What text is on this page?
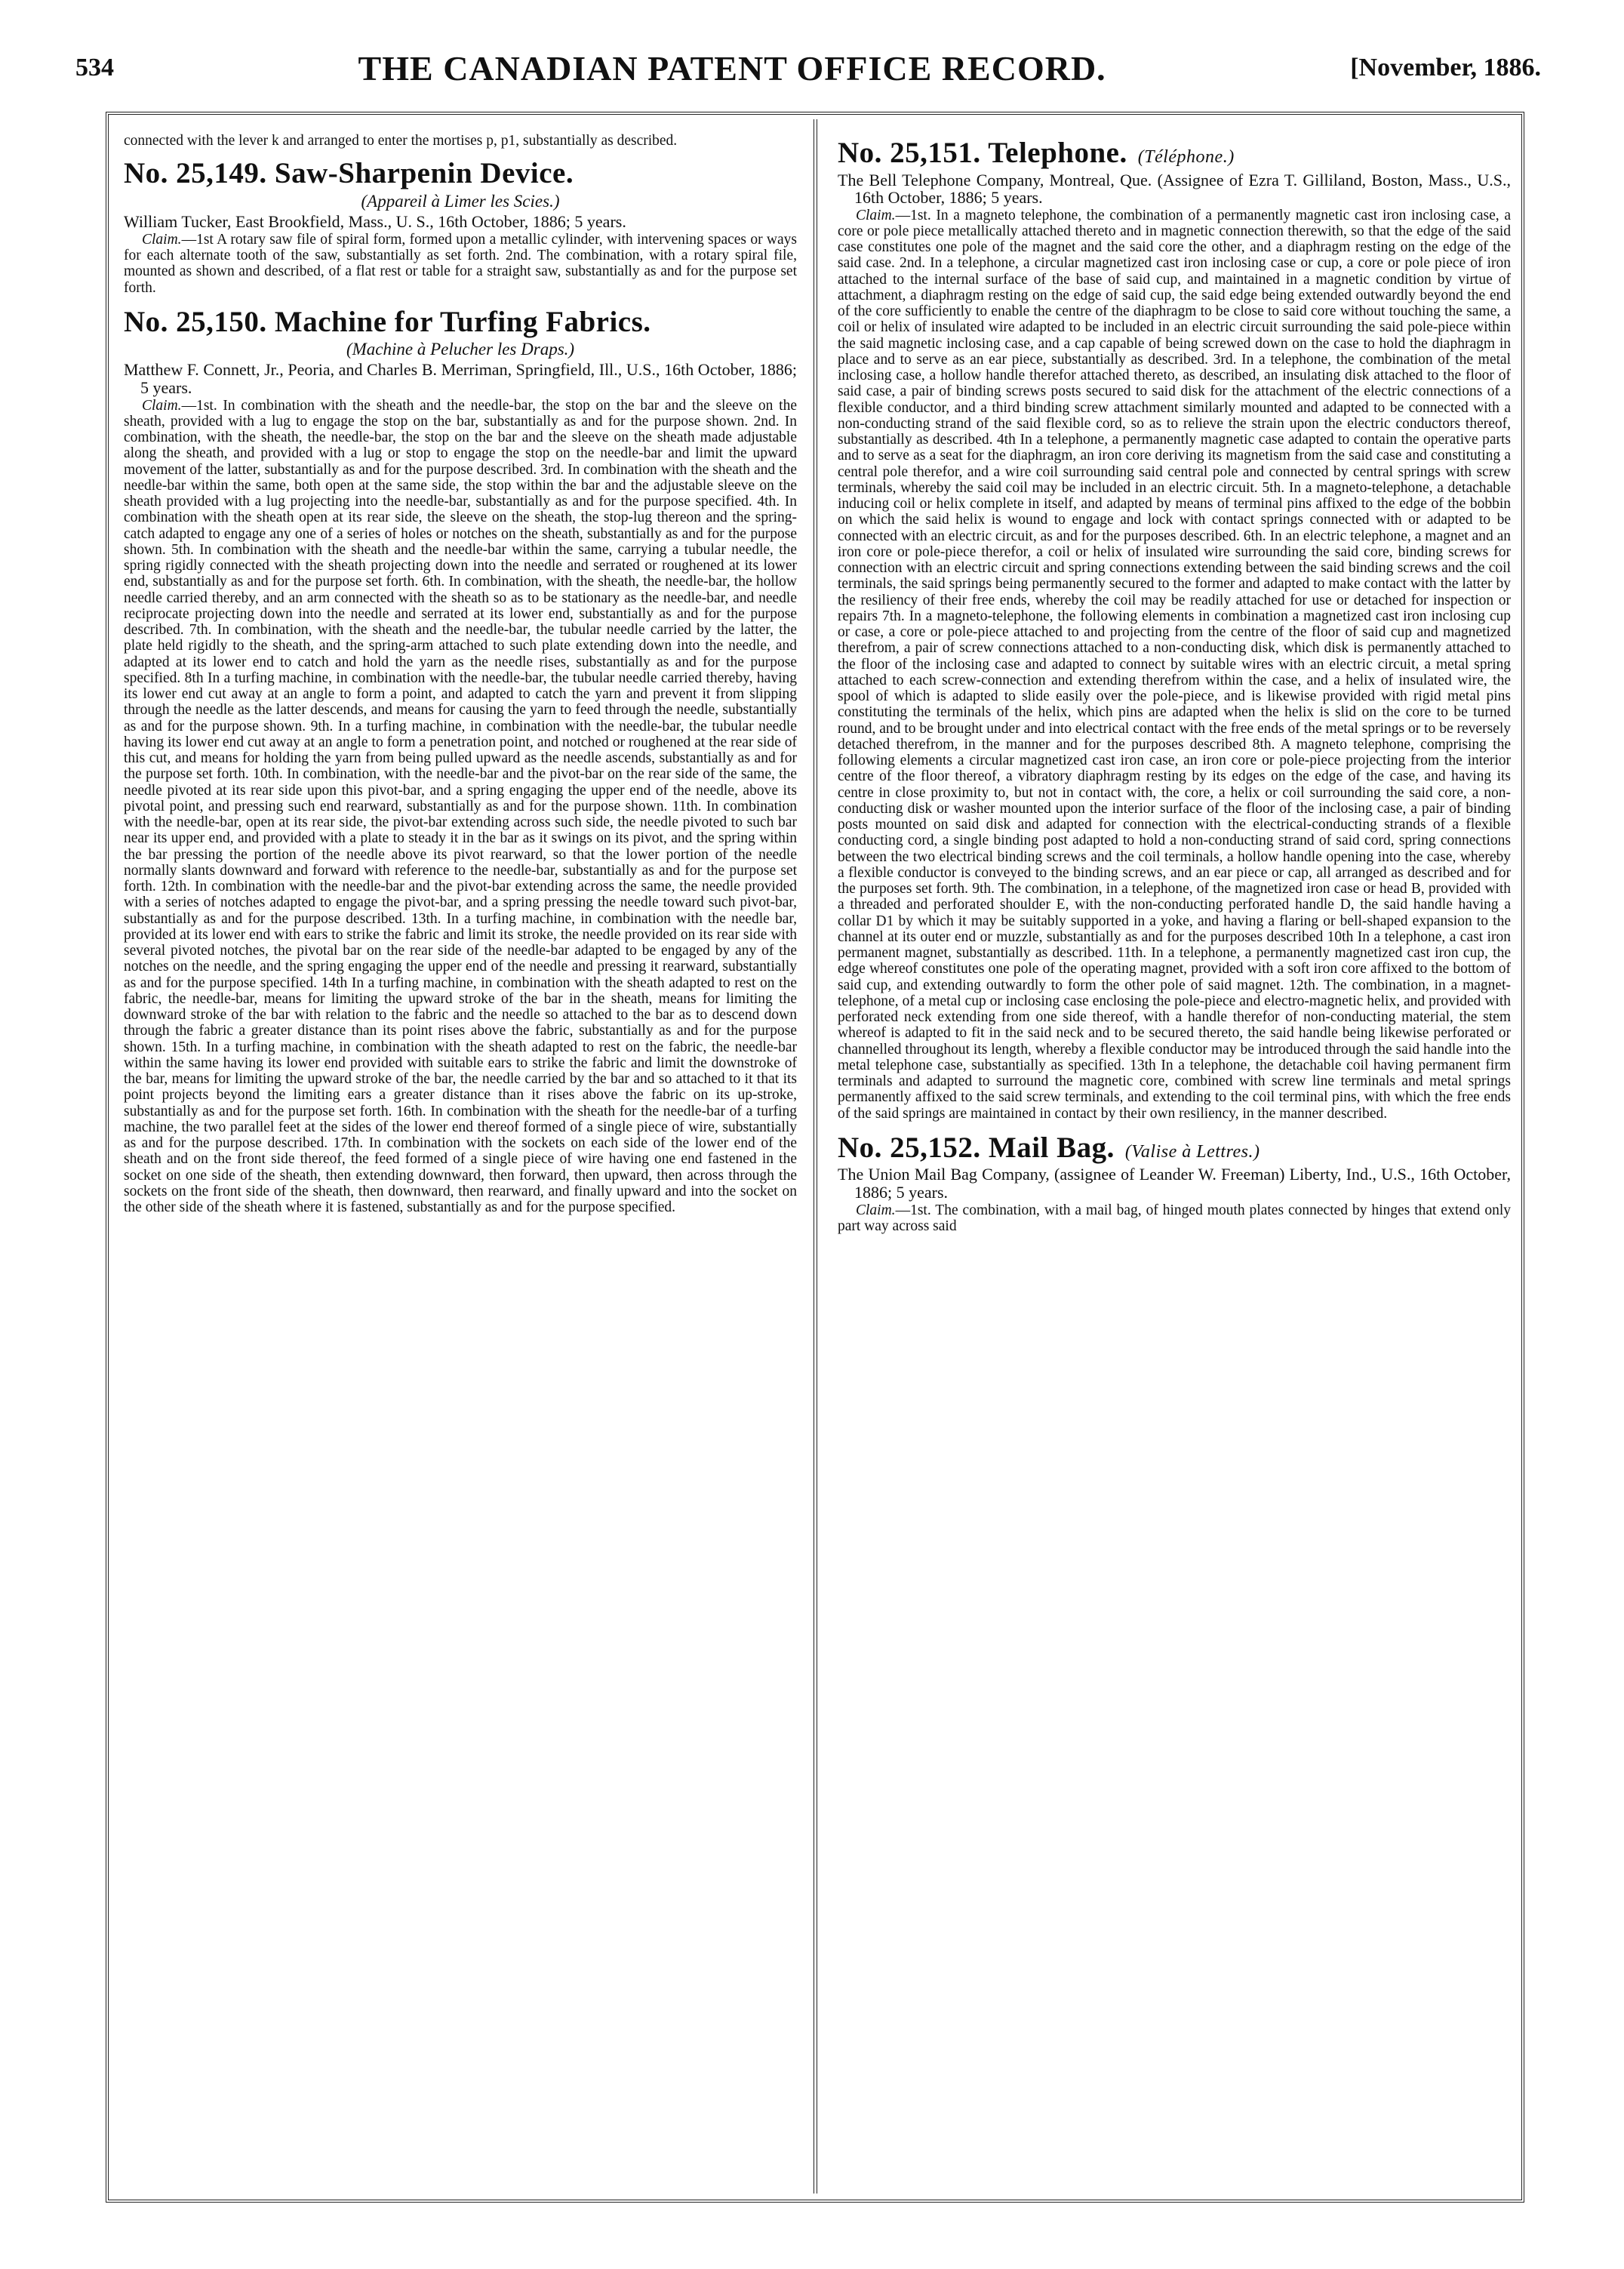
534	THE CANADIAN PATENT OFFICE RECORD.	[November, 1886.

connected with the lever k and arranged to enter the mortises p, p1, substantially as described.

No. 25,149. Saw-Sharpenin Device.
(Appareil à Limer les Scies.)

William Tucker, East Brookfield, Mass., U. S., 16th October, 1886; 5 years.

Claim.—1st A rotary saw file of spiral form, formed upon a metallic cylinder, with intervening spaces or ways for each alternate tooth of the saw, substantially as set forth. 2nd. The combination, with a rotary spiral file, mounted as shown and described, of a flat rest or table for a straight saw, substantially as and for the purpose set forth.

No. 25,150. Machine for Turfing Fabrics.
(Machine à Pelucher les Draps.)

Matthew F. Connett, Jr., Peoria, and Charles B. Merriman, Springfield, Ill., U.S., 16th October, 1886; 5 years.

Claim.—1st. In combination with the sheath and the needle-bar, the stop on the bar and the sleeve on the sheath, provided with a lug to engage the stop on the bar, substantially as and for the purpose shown. 2nd. In combination, with the sheath, the needle-bar, the stop on the bar and the sleeve on the sheath made adjustable along the sheath, and provided with a lug or stop to engage the stop on the needle-bar and limit the upward movement of the latter, substantially as and for the purpose described. 3rd. In combination with the sheath and the needle-bar within the same, both open at the same side, the stop within the bar and the adjustable sleeve on the sheath provided with a lug projecting into the needle-bar, substantially as and for the purpose specified. 4th. In combination with the sheath open at its rear side, the sleeve on the sheath, the stop-lug thereon and the spring-catch adapted to engage any one of a series of holes or notches on the sheath, substantially as and for the purpose shown. 5th. In combination with the sheath and the needle-bar within the same, carrying a tubular needle, the spring rigidly connected with the sheath projecting down into the needle and serrated or roughened at its lower end, substantially as and for the purpose set forth. 6th. In combination, with the sheath, the needle-bar, the hollow needle carried thereby, and an arm connected with the sheath so as to be stationary as the needle-bar, and needle reciprocate projecting down into the needle and serrated at its lower end, substantially as and for the purpose described. 7th. In combination, with the sheath and the needle-bar, the tubular needle carried by the latter, the plate held rigidly to the sheath, and the spring-arm attached to such plate extending down into the needle, and adapted at its lower end to catch and hold the yarn as the needle rises, substantially as and for the purpose specified. 8th In a turfing machine, in combination with the needle-bar, the tubular needle carried thereby, having its lower end cut away at an angle to form a point, and adapted to catch the yarn and prevent it from slipping through the needle as the latter descends, and means for causing the yarn to feed through the needle, substantially as and for the purpose shown. 9th. In a turfing machine, in combination with the needle-bar, the tubular needle having its lower end cut away at an angle to form a penetration point, and notched or roughened at the rear side of this cut, and means for holding the yarn from being pulled upward as the needle ascends, substantially as and for the purpose set forth. 10th. In combination, with the needle-bar and the pivot-bar on the rear side of the same, the needle pivoted at its rear side upon this pivot-bar, and a spring engaging the upper end of the needle, above its pivotal point, and pressing such end rearward, substantially as and for the purpose shown. 11th. In combination with the needle-bar, open at its rear side, the pivot-bar extending across such side, the needle pivoted to such bar near its upper end, and provided with a plate to steady it in the bar as it swings on its pivot, and the spring within the bar pressing the portion of the needle above its pivot rearward, so that the lower portion of the needle normally slants downward and forward with reference to the needle-bar, substantially as and for the purpose set forth. 12th. In combination with the needle-bar and the pivot-bar extending across the same, the needle provided with a series of notches adapted to engage the pivot-bar, and a spring pressing the needle toward such pivot-bar, substantially as and for the purpose described. 13th. In a turfing machine, in combination with the needle bar, provided at its lower end with ears to strike the fabric and limit its stroke, the needle provided on its rear side with several pivoted notches, the pivotal bar on the rear side of the needle-bar adapted to be engaged by any of the notches on the needle, and the spring engaging the upper end of the needle and pressing it rearward, substantially as and for the purpose specified. 14th In a turfing machine, in combination with the sheath adapted to rest on the fabric, the needle-bar, means for limiting the upward stroke of the bar in the sheath, means for limiting the downward stroke of the bar with relation to the fabric and the needle so attached to the bar as to descend down through the fabric a greater distance than its point rises above the fabric, substantially as and for the purpose shown. 15th. In a turfing machine, in combination with the sheath adapted to rest on the fabric, the needle-bar within the same having its lower end provided with suitable ears to strike the fabric and limit the downstroke of the bar, means for limiting the upward stroke of the bar, the needle carried by the bar and so attached to it that its point projects beyond the limiting ears a greater distance than it rises above the fabric on its up-stroke, substantially as and for the purpose set forth. 16th. In combination with the sheath for the needle-bar of a turfing machine, the two parallel feet at the sides of the lower end thereof formed of a single piece of wire, substantially as and for the purpose described. 17th. In combination with the sockets on each side of the lower end of the sheath and on the front side thereof, the feed formed of a single piece of wire having one end fastened in the socket on one side of the sheath, then extending downward, then forward, then upward, then across through the sockets on the front side of the sheath, then downward, then rearward, and finally upward and into the socket on the other side of the sheath where it is fastened, substantially as and for the purpose specified.

No. 25,151. Telephone. (Téléphone.)

The Bell Telephone Company, Montreal, Que. (Assignee of Ezra T. Gilliland, Boston, Mass., U.S., 16th October, 1886; 5 years.

Claim.—1st. In a magneto telephone, the combination of a permanently magnetic cast iron inclosing case, a core or pole piece metallically attached thereto and in magnetic connection therewith, so that the edge of the said case constitutes one pole of the magnet and the said core the other, and a diaphragm resting on the edge of the said case. 2nd. In a telephone, a circular magnetized cast iron inclosing case or cup, a core or pole piece of iron attached to the internal surface of the base of said cup, and maintained in a magnetic condition by virtue of attachment, a diaphragm resting on the edge of said cup, the said edge being extended outwardly beyond the end of the core sufficiently to enable the centre of the diaphragm to be close to said core without touching the same, a coil or helix of insulated wire adapted to be included in an electric circuit surrounding the said pole-piece within the said magnetic inclosing case, and a cap capable of being screwed down on the case to hold the diaphragm in place and to serve as an ear piece, substantially as described. 3rd. In a telephone, the combination of the metal inclosing case, a hollow handle therefor attached thereto, as described, an insulating disk attached to the floor of said case, a pair of binding screws posts secured to said disk for the attachment of the electric connections of a flexible conductor, and a third binding screw attachment similarly mounted and adapted to be connected with a non-conducting strand of the said flexible cord, so as to relieve the strain upon the electric conductors thereof, substantially as described. 4th In a telephone, a permanently magnetic case adapted to contain the operative parts and to serve as a seat for the diaphragm, an iron core deriving its magnetism from the said case and constituting a central pole therefor, and a wire coil surrounding said central pole and connected by central springs with screw terminals, whereby the said coil may be included in an electric circuit. 5th. In a magneto-telephone, a detachable inducing coil or helix complete in itself, and adapted by means of terminal pins affixed to the edge of the bobbin on which the said helix is wound to engage and lock with contact springs connected with or adapted to be connected with an electric circuit, as and for the purposes described. 6th. In an electric telephone, a magnet and an iron core or pole-piece therefor, a coil or helix of insulated wire surrounding the said core, binding screws for connection with an electric circuit and spring connections extending between the said binding screws and the coil terminals, the said springs being permanently secured to the former and adapted to make contact with the latter by the resiliency of their free ends, whereby the coil may be readily attached for use or detached for inspection or repairs 7th. In a magneto-telephone, the following elements in combination a magnetized cast iron inclosing cup or case, a core or pole-piece attached to and projecting from the centre of the floor of said cup and magnetized therefrom, a pair of screw connections attached to a non-conducting disk, which disk is permanently attached to the floor of the inclosing case and adapted to connect by suitable wires with an electric circuit, a metal spring attached to each screw-connection and extending therefrom within the case, and a helix of insulated wire, the spool of which is adapted to slide easily over the pole-piece, and is likewise provided with rigid metal pins constituting the terminals of the helix, which pins are adapted when the helix is slid on the core to be turned round, and to be brought under and into electrical contact with the free ends of the metal springs or to be reversely detached therefrom, in the manner and for the purposes described 8th. A magneto telephone, comprising the following elements a circular magnetized cast iron case, an iron core or pole-piece projecting from the interior centre of the floor thereof, a vibratory diaphragm resting by its edges on the edge of the case, and having its centre in close proximity to, but not in contact with, the core, a helix or coil surrounding the said core, a non-conducting disk or washer mounted upon the interior surface of the floor of the inclosing case, a pair of binding posts mounted on said disk and adapted for connection with the electrical-conducting strands of a flexible conducting cord, a single binding post adapted to hold a non-conducting strand of said cord, spring connections between the two electrical binding screws and the coil terminals, a hollow handle opening into the case, whereby a flexible conductor is conveyed to the binding screws, and an ear piece or cap, all arranged as described and for the purposes set forth. 9th. The combination, in a telephone, of the magnetized iron case or head B, provided with a threaded and perforated shoulder E, with the non-conducting perforated handle D, the said handle having a collar D1 by which it may be suitably supported in a yoke, and having a flaring or bell-shaped expansion to the channel at its outer end or muzzle, substantially as and for the purposes described 10th In a telephone, a cast iron permanent magnet, substantially as described. 11th. In a telephone, a permanently magnetized cast iron cup, the edge whereof constitutes one pole of the operating magnet, provided with a soft iron core affixed to the bottom of said cup, and extending outwardly to form the other pole of said magnet. 12th. The combination, in a magnet-telephone, of a metal cup or inclosing case enclosing the pole-piece and electro-magnetic helix, and provided with perforated neck extending from one side thereof, with a handle therefor of non-conducting material, the stem whereof is adapted to fit in the said neck and to be secured thereto, the said handle being likewise perforated or channelled throughout its length, whereby a flexible conductor may be introduced through the said handle into the metal telephone case, substantially as specified. 13th In a telephone, the detachable coil having permanent firm terminals and adapted to surround the magnetic core, combined with screw line terminals and metal springs permanently affixed to the said screw terminals, and extending to the coil terminal pins, with which the free ends of the said springs are maintained in contact by their own resiliency, in the manner described.

No. 25,152. Mail Bag. (Valise à Lettres.)

The Union Mail Bag Company, (assignee of Leander W. Freeman) Liberty, Ind., U.S., 16th October, 1886; 5 years.

Claim.—1st. The combination, with a mail bag, of hinged mouth plates connected by hinges that extend only part way across said
